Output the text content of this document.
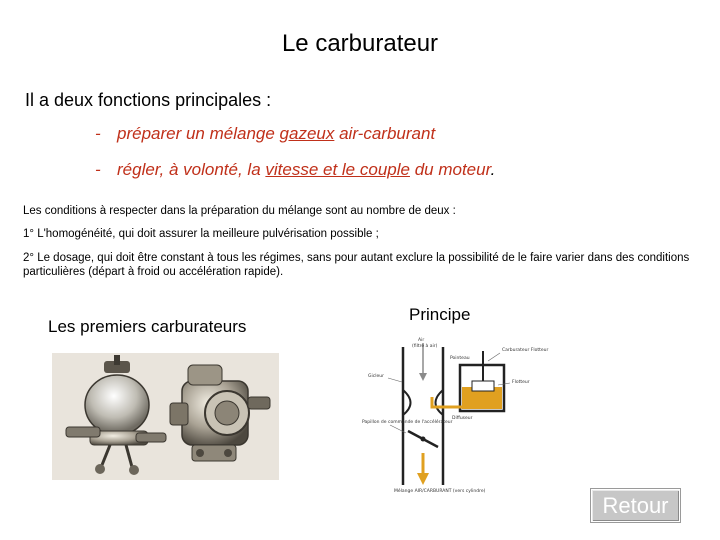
Le carburateur
Il a deux fonctions principales :
- préparer un mélange gazeux air-carburant
- régler, à volonté, la vitesse et le couple du moteur.
Les conditions à respecter dans la préparation du mélange sont au nombre de deux :
1° L'homogénéité, qui doit assurer la meilleure pulvérisation possible ;
2° Le dosage, qui doit être constant à tous les régimes, sans pour autant exclure la possibilité de le faire varier dans des conditions particulières (départ à froid ou accélération rapide).
Les premiers carburateurs
Principe
Air
(filtre à air)
Pointeau
Carburateur Flotteur
Gicleur
Flotteur
Diffuseur
Papillon de commande de l'accélérateur
Mélange AIR/CARBURANT (vers cylindre)
Retour
